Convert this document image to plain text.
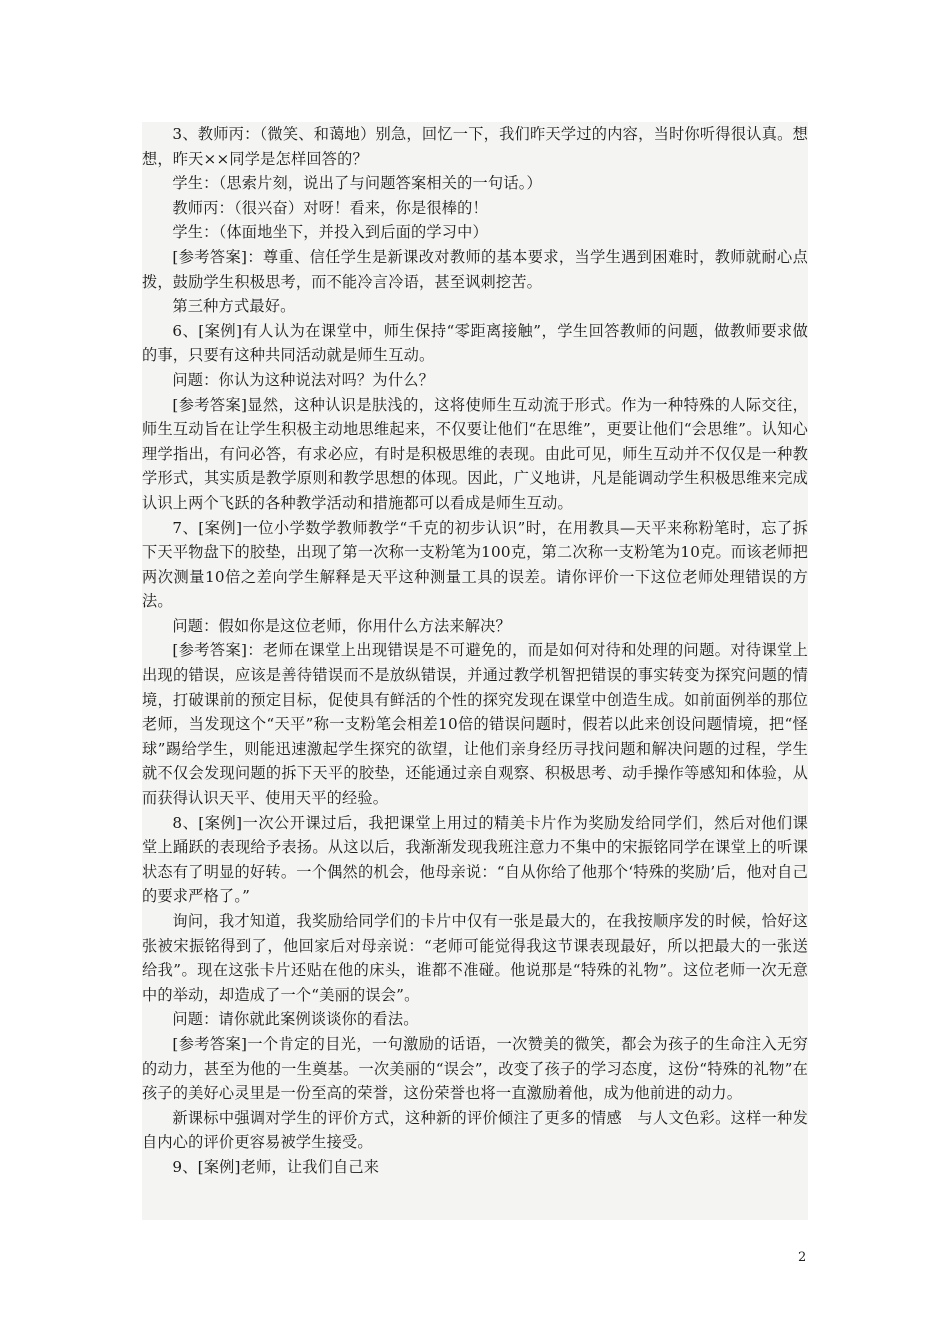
3、教师丙：（微笑、和蔼地）别急，回忆一下，我们昨天学过的内容，当时你听得很认真。想想，昨天××同学是怎样回答的？

学生：（思索片刻，说出了与问题答案相关的一句话。）

教师丙：（很兴奋）对呀！看来，你是很棒的！

学生：（体面地坐下，并投入到后面的学习中）

[参考答案]：尊重、信任学生是新课改对教师的基本要求，当学生遇到困难时，教师就耐心点拨，鼓励学生积极思考，而不能冷言冷语，甚至讽刺挖苦。

第三种方式最好。

6、[案例]有人认为在课堂中，师生保持“零距离接触”，学生回答教师的问题，做教师要求做的事，只要有这种共同活动就是师生互动。

问题：你认为这种说法对吗？为什么？

[参考答案]显然，这种认识是肤浅的，这将使师生互动流于形式。作为一种特殊的人际交往，师生互动旨在让学生积极主动地思维起来，不仅要让他们“在思维”，更要让他们“会思维”。认知心理学指出，有问必答，有求必应，有时是积极思维的表现。由此可见，师生互动并不仅仅是一种教学形式，其实质是教学原则和教学思想的体现。因此，广义地讲，凡是能调动学生积极思维来完成认识上两个飞跃的各种教学活动和措施都可以看成是师生互动。

7、[案例]一位小学数学教师教学“千克的初步认识”时，在用教具—天平来称粉笔时，忘了拆下天平物盘下的胶垫，出现了第一次称一支粉笔为100克，第二次称一支粉笔为10克。而该老师把两次测量10倍之差向学生解释是天平这种测量工具的误差。请你评价一下这位老师处理错误的方法。

问题：假如你是这位老师，你用什么方法来解决？

[参考答案]：老师在课堂上出现错误是不可避免的，而是如何对待和处理的问题。对待课堂上出现的错误，应该是善待错误而不是放纵错误，并通过教学机智把错误的事实转变为探究问题的情境，打破课前的预定目标，促使具有鲜活的个性的探究发现在课堂中创造生成。如前面例举的那位老师，当发现这个“天平”称一支粉笔会相差10倍的错误问题时，假若以此来创设问题情境，把“怪球”踢给学生，则能迅速激起学生探究的欲望，让他们亲身经历寻找问题和解决问题的过程，学生就不仅会发现问题的拆下天平的胶垫，还能通过亲自观察、积极思考、动手操作等感知和体验，从而获得认识天平、使用天平的经验。

8、[案例]一次公开课过后，我把课堂上用过的精美卡片作为奖励发给同学们，然后对他们课堂上踊跃的表现给予表扬。从这以后，我渐渐发现我班注意力不集中的宋振铭同学在课堂上的听课状态有了明显的好转。一个偶然的机会，他母亲说：“自从你给了他那个‘特殊的奖励’后，他对自己的要求严格了。”

询问，我才知道，我奖励给同学们的卡片中仅有一张是最大的，在我按顺序发的时候，恰好这张被宋振铭得到了，他回家后对母亲说：“老师可能觉得我这节课表现最好，所以把最大的一张送给我”。现在这张卡片还贴在他的床头，谁都不准碰。他说那是“特殊的礼物”。这位老师一次无意中的举动，却造成了一个“美丽的误会”。

问题：请你就此案例谈谈你的看法。

[参考答案]一个肯定的目光，一句激励的话语，一次赞美的微笑，都会为孩子的生命注入无穷的动力，甚至为他的一生奠基。一次美丽的“误会”，改变了孩子的学习态度，这份“特殊的礼物”在孩子的美好心灵里是一份至高的荣誉，这份荣誉也将一直激励着他，成为他前进的动力。

新课标中强调对学生的评价方式，这种新的评价倾注了更多的情感　与人文色彩。这样一种发自内心的评价更容易被学生接受。

9、[案例]老师，让我们自己来

2
